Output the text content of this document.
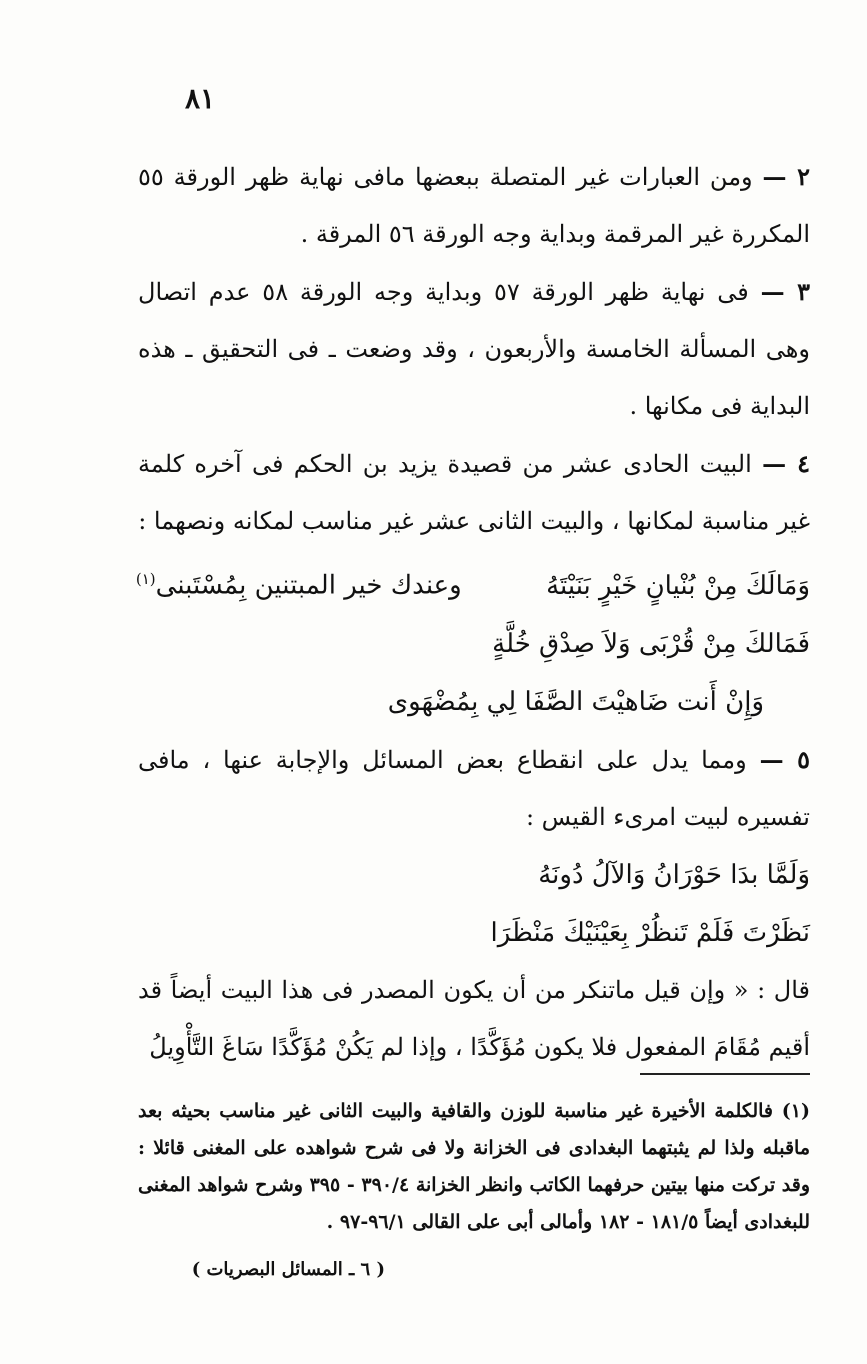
٨١

٢ — ومن العبارات غير المتصلة ببعضها مافى نهاية ظهر الورقة ٥٥ المكررة غير المرقمة وبداية وجه الورقة ٥٦ المرقة .

٣ — فى نهاية ظهر الورقة ٥٧ وبداية وجه الورقة ٥٨ عدم اتصال وهى المسألة الخامسة والأربعون ، وقد وضعت ـ فى التحقيق ـ هذه البداية فى مكانها .

٤ — البيت الحادى عشر من قصيدة يزيد بن الحكم فى آخره كلمة غير مناسبة لمكانها ، والبيت الثانى عشر غير مناسب لمكانه ونصهما :

وَمَالَكَ مِنْ بُنْيانٍ خَيْرٍ بَنَيْتَهُ وعندك خير المبتنين بِمُسْتَبنى$^{(١)}$
فَمَالكَ مِنْ قُرْبَى وَلاَ صِدْقِ خُلَّةٍ
وَإِنْ أَنت ضَاهيْتَ الصَّفَا لِي بِمُضْهَوى

٥ — ومما يدل على انقطاع بعض المسائل والإجابة عنها ، مافى تفسيره لبيت امرىء القيس :

وَلَمَّا بدَا حَوْرَانُ وَالآلُ دُونَهُ
نَظَرْتَ فَلَمْ تَنظُرْ بِعَيْنَيْكَ مَنْظَرَا

قال : « وإن قيل ماتنكر من أن يكون المصدر فى هذا البيت أيضاً قد أقيم مُقَامَ المفعول فلا يكون مُؤَكَّدًا ، وإذا لم يَكُنْ مُؤَكَّدًا سَاغَ التَّأْوِيلُ

(١) فالكلمة الأخيرة غير مناسبة للوزن والقافية والبيت الثانى غير مناسب بحيثه بعد ماقبله ولذا لم يثبتهما البغدادى فى الخزانة ولا فى شرح شواهده على المغنى قائلا : وقد تركت منها بيتين حرفهما الكاتب وانظر الخزانة ٣٩٠/٤ - ٣٩٥ وشرح شواهد المغنى للبغدادى أيضاً ١٨١/٥ - ١٨٢ وأمالى أبى على القالى ٩٦/١-٩٧ .
( ٦ ـ المسائل البصريات )
